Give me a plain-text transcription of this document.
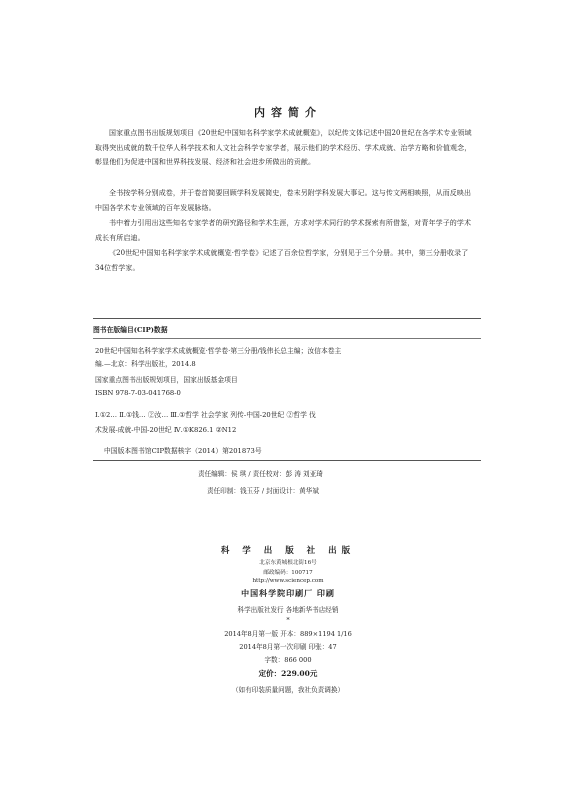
内容简介
国家重点图书出版规划项目《20世纪中国知名科学家学术成就概览》，以纪传文体记述中国20世纪在各学术专业领域取得突出成就的数千位华人科学技术和人文社会科学专家学者，展示他们的学术经历、学术成就、治学方略和价值观念，彰显他们为促进中国和世界科技发展、经济和社会进步所做出的贡献。
全书按学科分别成卷，并于卷首简要回顾学科发展简史，卷末另附学科发展大事记。这与传文两相映照，从而反映出中国各学术专业领域的百年发展脉络。
书中着力引用出这些知名专家学者的研究路径和学术生涯，方求对学术同行的学术探索有所借鉴，对青年学子的学术成长有所启迪。
《20世纪中国知名科学家学术成就概览·哲学卷》记述了百余位哲学家，分别见于三个分册。其中，第三分册收录了34位哲学家。
图书在版编目(CIP)数据
20世纪中国知名科学家学术成就概览·哲学卷·第三分册/钱伟长总主编；汝信本卷主
编.—北京：科学出版社，2014.8
国家重点图书出版规划项目，国家出版基金项目
ISBN 978-7-03-041768-0
Ⅰ.①2… Ⅱ.①钱… ②汝… Ⅲ.①哲学 社会学家 列传-中国-20世纪 ②哲学 伐
术发展-成就-中国-20世纪 Ⅳ.①K826.1 ②N12
中国版本图书馆CIP数据核字（2014）第201873号
责任编辑：侯 琪 / 责任校对：彭 涛 刘亚琦
责任印制：钱玉芬 / 封面设计：黄华斌
科 学 出 版 社 出版
北京东黄城根北街16号
邮政编码：100717
http://www.sciencep.com
中国科学院印刷厂 印刷
科学出版社发行 各地新华书店经销
*
2014年8月第一版 开本：889×1194 1/16
2014年8月第一次印刷 印张：47
字数：866 000
定价：229.00元
（如有印装质量问题，我社负责调换）
